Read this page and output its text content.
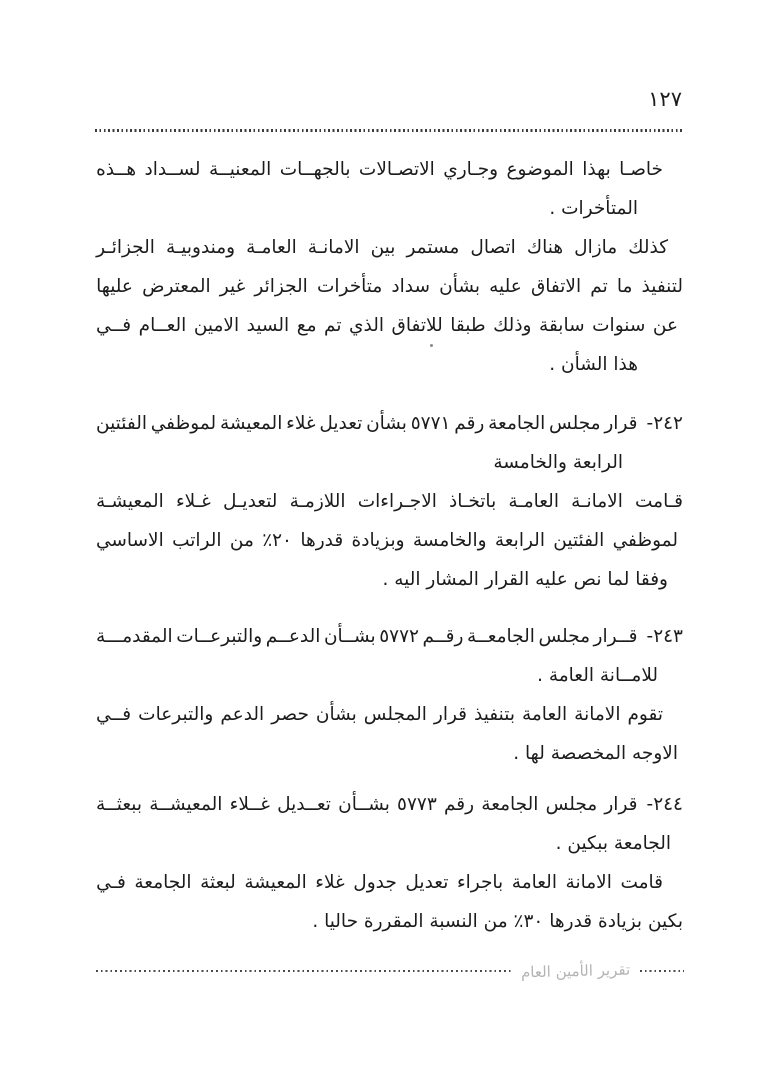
١٢٧
خاصـا
بهذا
الموضوع
وجـاري
الاتصـالات
بالجهــات
المعنيــة
لســداد
هــذه
المتأخرات .
كذلك
مازال
هناك
اتصال
مستمر
بين
الامانـة
العامـة
ومندوبيـة
الجزائـر
لتنفيذ
ما
تم
الاتفاق
عليه
بشأن
سداد
متأخرات
الجزائر
غير
المعترض
عليها
عن
سنوات
سابقة
وذلك
طبقا
للاتفاق
الذي
تم
مع
السيد
الامين
العــام
فــي
هذا الشأن .
٢٤٢-
قرار
مجلس
الجامعة
رقم
٥٧٧١
بشأن
تعديل
غلاء
المعيشة
لموظفي
الفئتين
الرابعة والخامسة
قـامت
الامانـة
العامـة
باتخـاذ
الاجـراءات
اللازمـة
لتعديـل
غـلاء
المعيشـة
لموظفي
الفئتين
الرابعة
والخامسة
وبزيادة
قدرها
٢٠٪
من
الراتب
الاساسي
وفقا لما نص عليه القرار المشار اليه .
٢٤٣-
قــرار
مجلس
الجامعــة
رقــم
٥٧٧٢
بشــأن
الدعــم
والتبرعــات
المقدمـــة
للامــانة العامة .
تقوم
الامانة
العامة
بتنفيذ
قرار
المجلس
بشأن
حصر
الدعم
والتبرعات
فــي
الاوجه المخصصة لها .
٢٤٤-
قرار
مجلس
الجامعة
رقم
٥٧٧٣
بشــأن
تعــديل
غــلاء
المعيشــة
ببعثــة
الجامعة ببكين .
قامت
الامانة
العامة
باجراء
تعديل
جدول
غلاء
المعيشة
لبعثة
الجامعة
فـي
بكين بزيادة قدرها ٣٠٪ من النسبة المقررة حاليا .
تقرير الأمين العام
